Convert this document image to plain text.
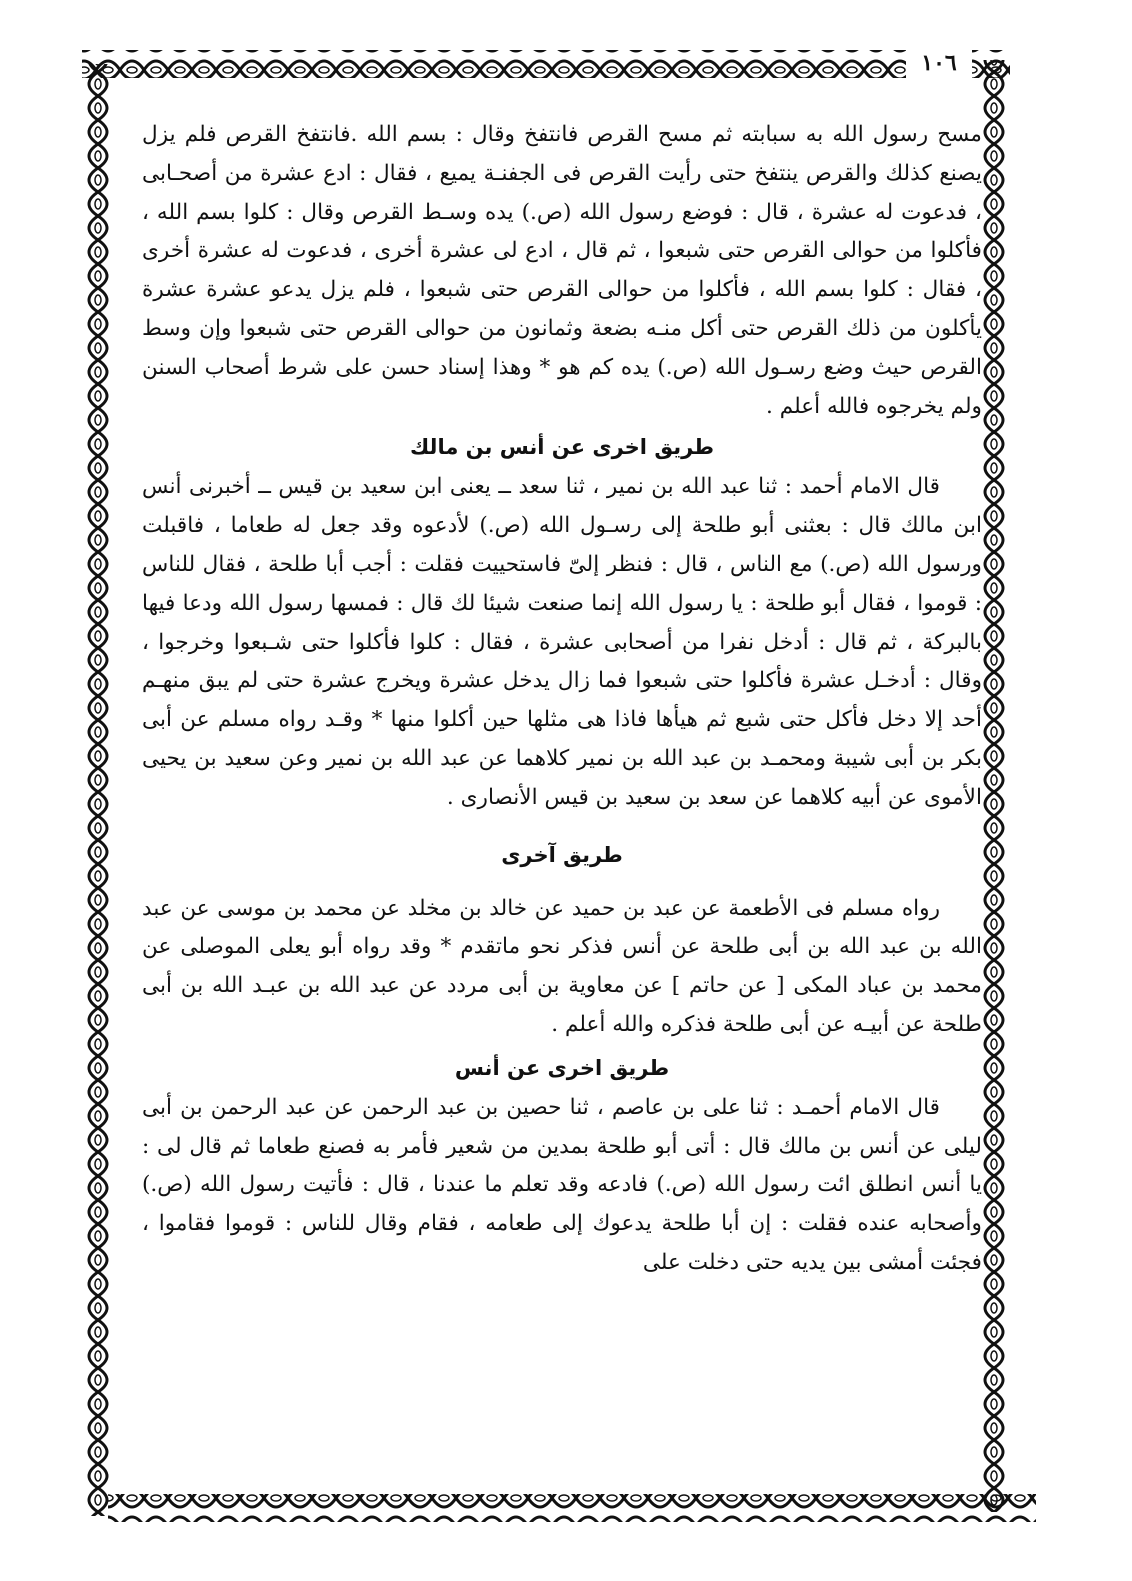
١٠٦

مسح رسول الله به سبابته ثم مسح القرص فانتفخ وقال : بسم الله .فانتفخ القرص فلم يزل يصنع كذلك والقرص ينتفخ حتى رأيت القرص فى الجفنـة يميع ، فقال : ادع عشرة من أصحـابى ، فدعوت له عشرة ، قال : فوضع رسول الله (ص.) يده وسـط القرص وقال : كلوا بسم الله ، فأكلوا من حوالى القرص حتى شبعوا ، ثم قال ، ادع لى عشرة أخرى ، فدعوت له عشرة أخرى ، فقال : كلوا بسم الله ، فأكلوا من حوالى القرص حتى شبعوا ، فلم يزل يدعو عشرة عشرة يأكلون من ذلك القرص حتى أكل منـه بضعة وثمانون من حوالى القرص حتى شبعوا وإن وسط القرص حيث وضع رسـول الله (ص.) يده كم هو * وهذا إسناد حسن على شرط أصحاب السنن ولم يخرجوه فالله أعلم .

طريق اخرى عن أنس بن مالك

قال الامام أحمد : ثنا عبد الله بن نمير ، ثنا سعد ــ يعنى ابن سعيد بن قيس ــ أخبرنى أنس ابن مالك قال : بعثنى أبو طلحة إلى رسـول الله (ص.) لأدعوه وقد جعل له طعاما ، فاقبلت ورسول الله (ص.) مع الناس ، قال : فنظر إلىّ فاستحييت فقلت : أجب أبا طلحة ، فقال للناس : قوموا ، فقال أبو طلحة : يا رسول الله إنما صنعت شيئا لك قال : فمسها رسول الله ودعا فيها بالبركة ، ثم قال : أدخل نفرا من أصحابى عشرة ، فقال : كلوا فأكلوا حتى شـبعوا وخرجوا ، وقال : أدخـل عشرة فأكلوا حتى شبعوا فما زال يدخل عشرة ويخرج عشرة حتى لم يبق منهـم أحد إلا دخل فأكل حتى شبع ثم هيأها فاذا هى مثلها حين أكلوا منها * وقـد رواه مسلم عن أبى بكر بن أبى شيبة ومحمـد بن عبد الله بن نمير كلاهما عن عبد الله بن نمير وعن سعيد بن يحيى الأموى عن أبيه كلاهما عن سعد بن سعيد بن قيس الأنصارى .

طريق آخرى

رواه مسلم فى الأطعمة عن عبد بن حميد عن خالد بن مخلد عن محمد بن موسى عن عبد الله بن عبد الله بن أبى طلحة عن أنس فذكر نحو ماتقدم * وقد رواه أبو يعلى الموصلى عن محمد بن عباد المكى [ عن حاتم ] عن معاوية بن أبى مردد عن عبد الله بن عبـد الله بن أبى طلحة عن أبيـه عن أبى طلحة فذكره والله أعلم .

طريق اخرى عن أنس

قال الامام أحمـد : ثنا على بن عاصم ، ثنا حصين بن عبد الرحمن عن عبد الرحمن بن أبى ليلى عن أنس بن مالك قال : أتى أبو طلحة بمدين من شعير فأمر به فصنع طعاما ثم قال لى : يا أنس انطلق ائت رسول الله (ص.) فادعه وقد تعلم ما عندنا ، قال : فأتيت رسول الله (ص.) وأصحابه عنده فقلت : إن أبا طلحة يدعوك إلى طعامه ، فقام وقال للناس : قوموا فقاموا ، فجئت أمشى بين يديه حتى دخلت على
